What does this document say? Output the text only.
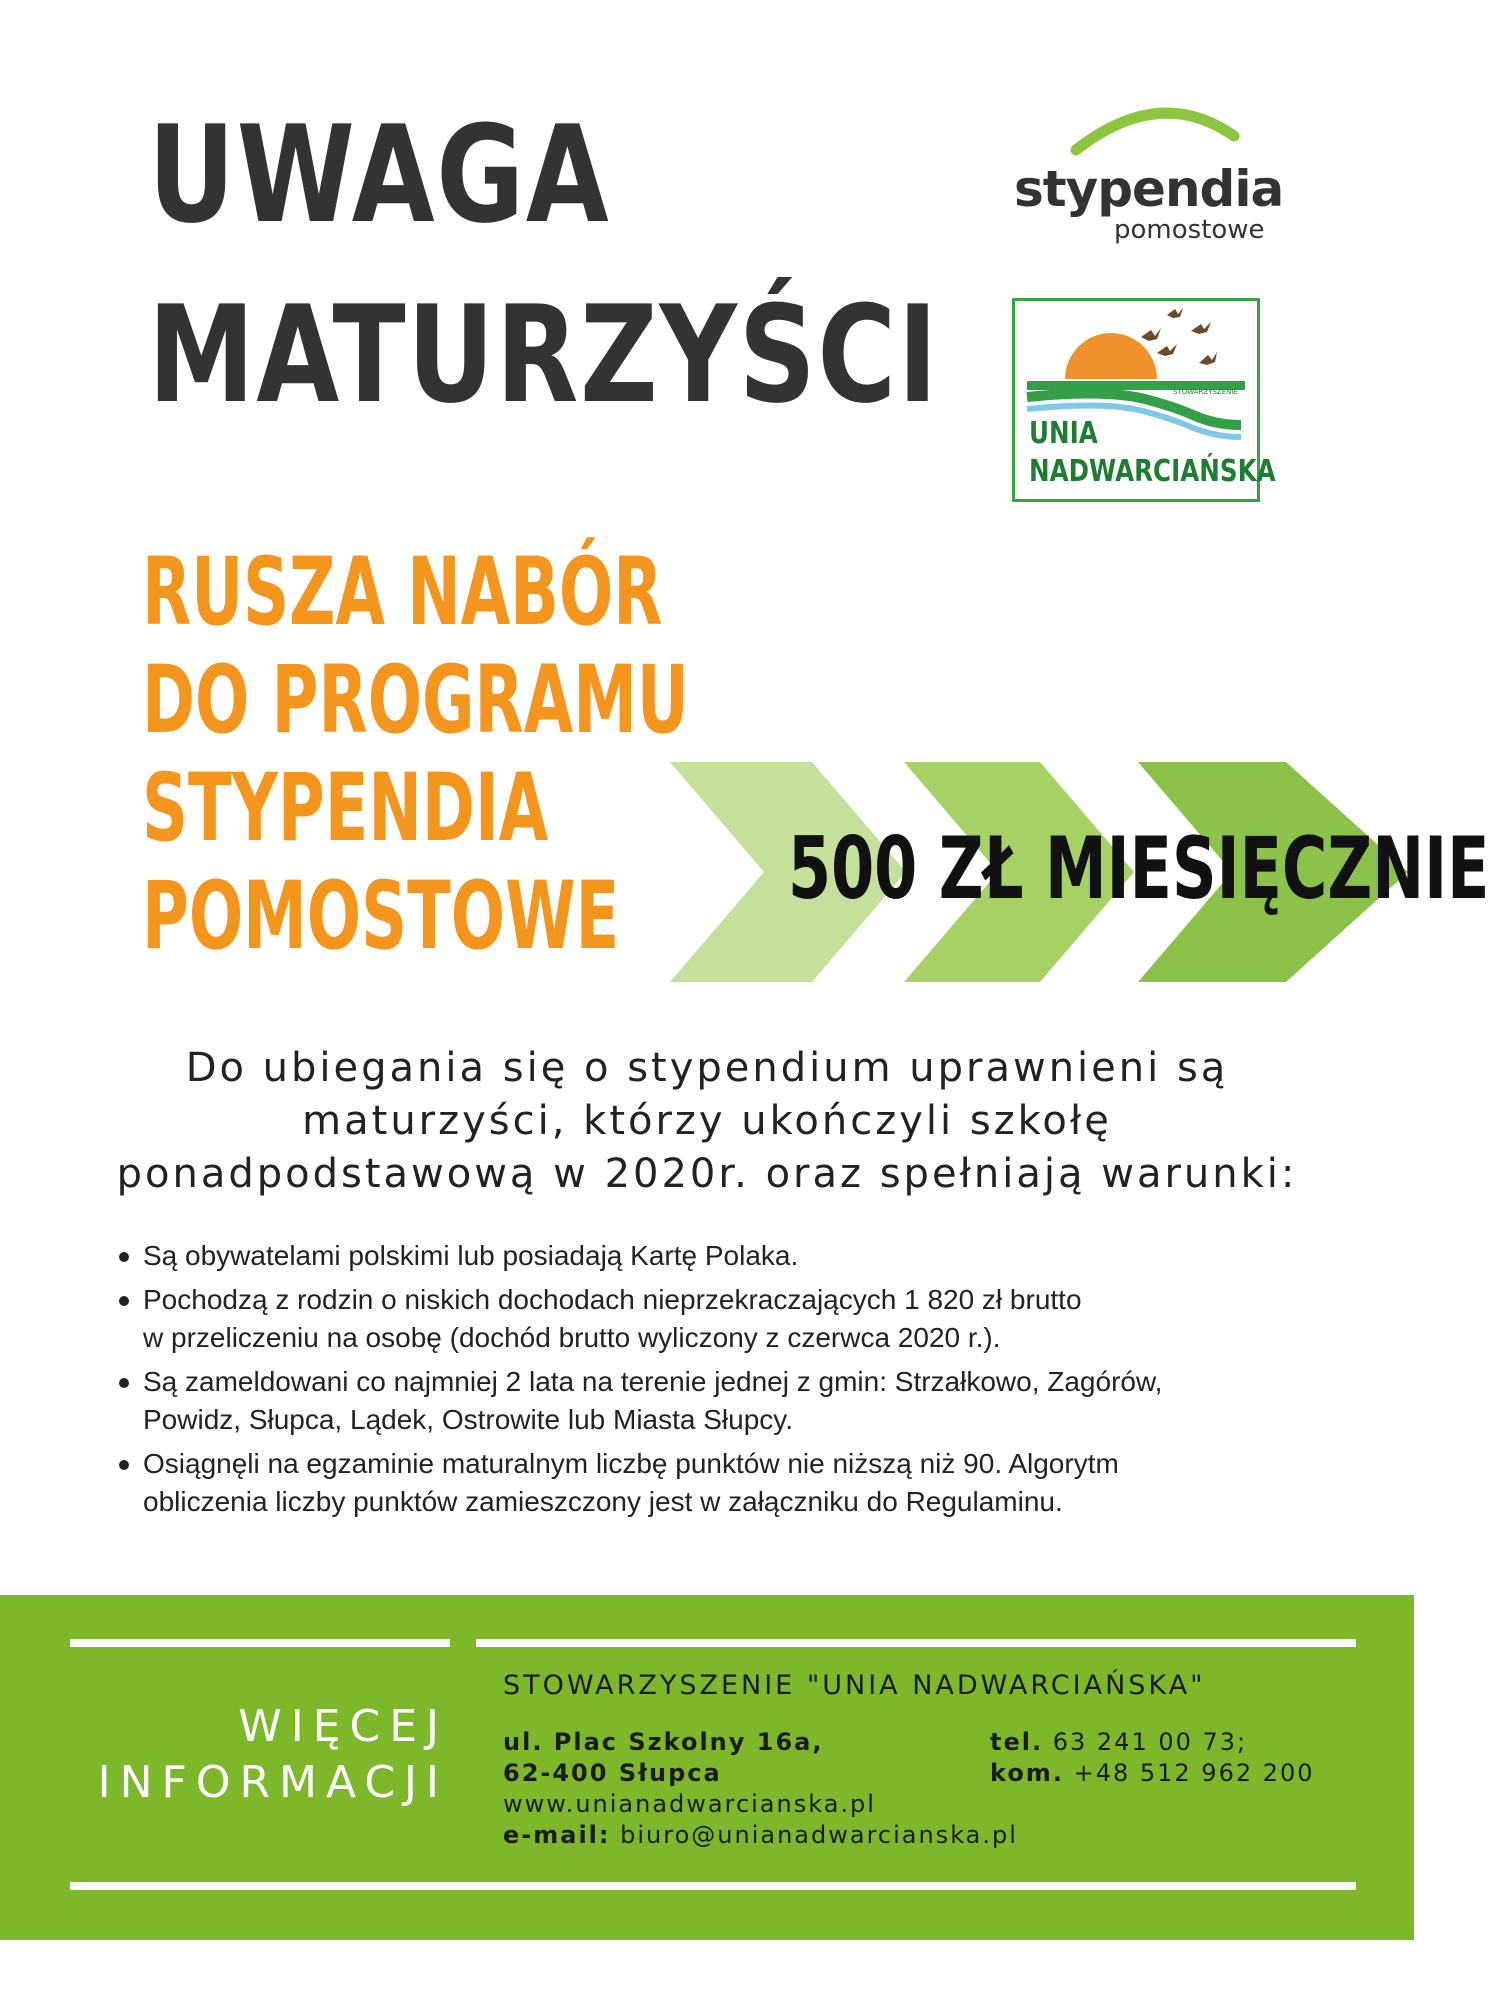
UWAGA
MATURZYŚCI
stypendia
pomostowe
STOWARZYSZENIE
UNIA
NADWARCIAŃSKA
RUSZA NABÓR
DO PROGRAMU
STYPENDIA
POMOSTOWE 500 ZŁ MIESIĘCZNIE
Do ubiegania się o stypendium uprawnieni są
maturzyści, którzy ukończyli szkołę
ponadpodstawową w 2020r. oraz spełniają warunki:
Są obywatelami polskimi lub posiadają Kartę Polaka.
Pochodzą z rodzin o niskich dochodach nieprzekraczających 1 820 zł brutto
w przeliczeniu na osobę (dochód brutto wyliczony z czerwca 2020 r.).
Są zameldowani co najmniej 2 lata na terenie jednej z gmin: Strzałkowo, Zagórów,
Powidz, Słupca, Lądek, Ostrowite lub Miasta Słupcy.
Osiągnęli na egzaminie maturalnym liczbę punktów nie niższą niż 90. Algorytm
obliczenia liczby punktów zamieszczony jest w załączniku do Regulaminu.
WIĘCEJ
INFORMACJI
STOWARZYSZENIE "UNIA NADWARCIAŃSKA"
ul. Plac Szkolny 16a,
62-400 Słupca
www.unianadwarcianska.pl
e-mail: biuro@unianadwarcianska.pl
tel. 63 241 00 73;
kom. +48 512 962 200
